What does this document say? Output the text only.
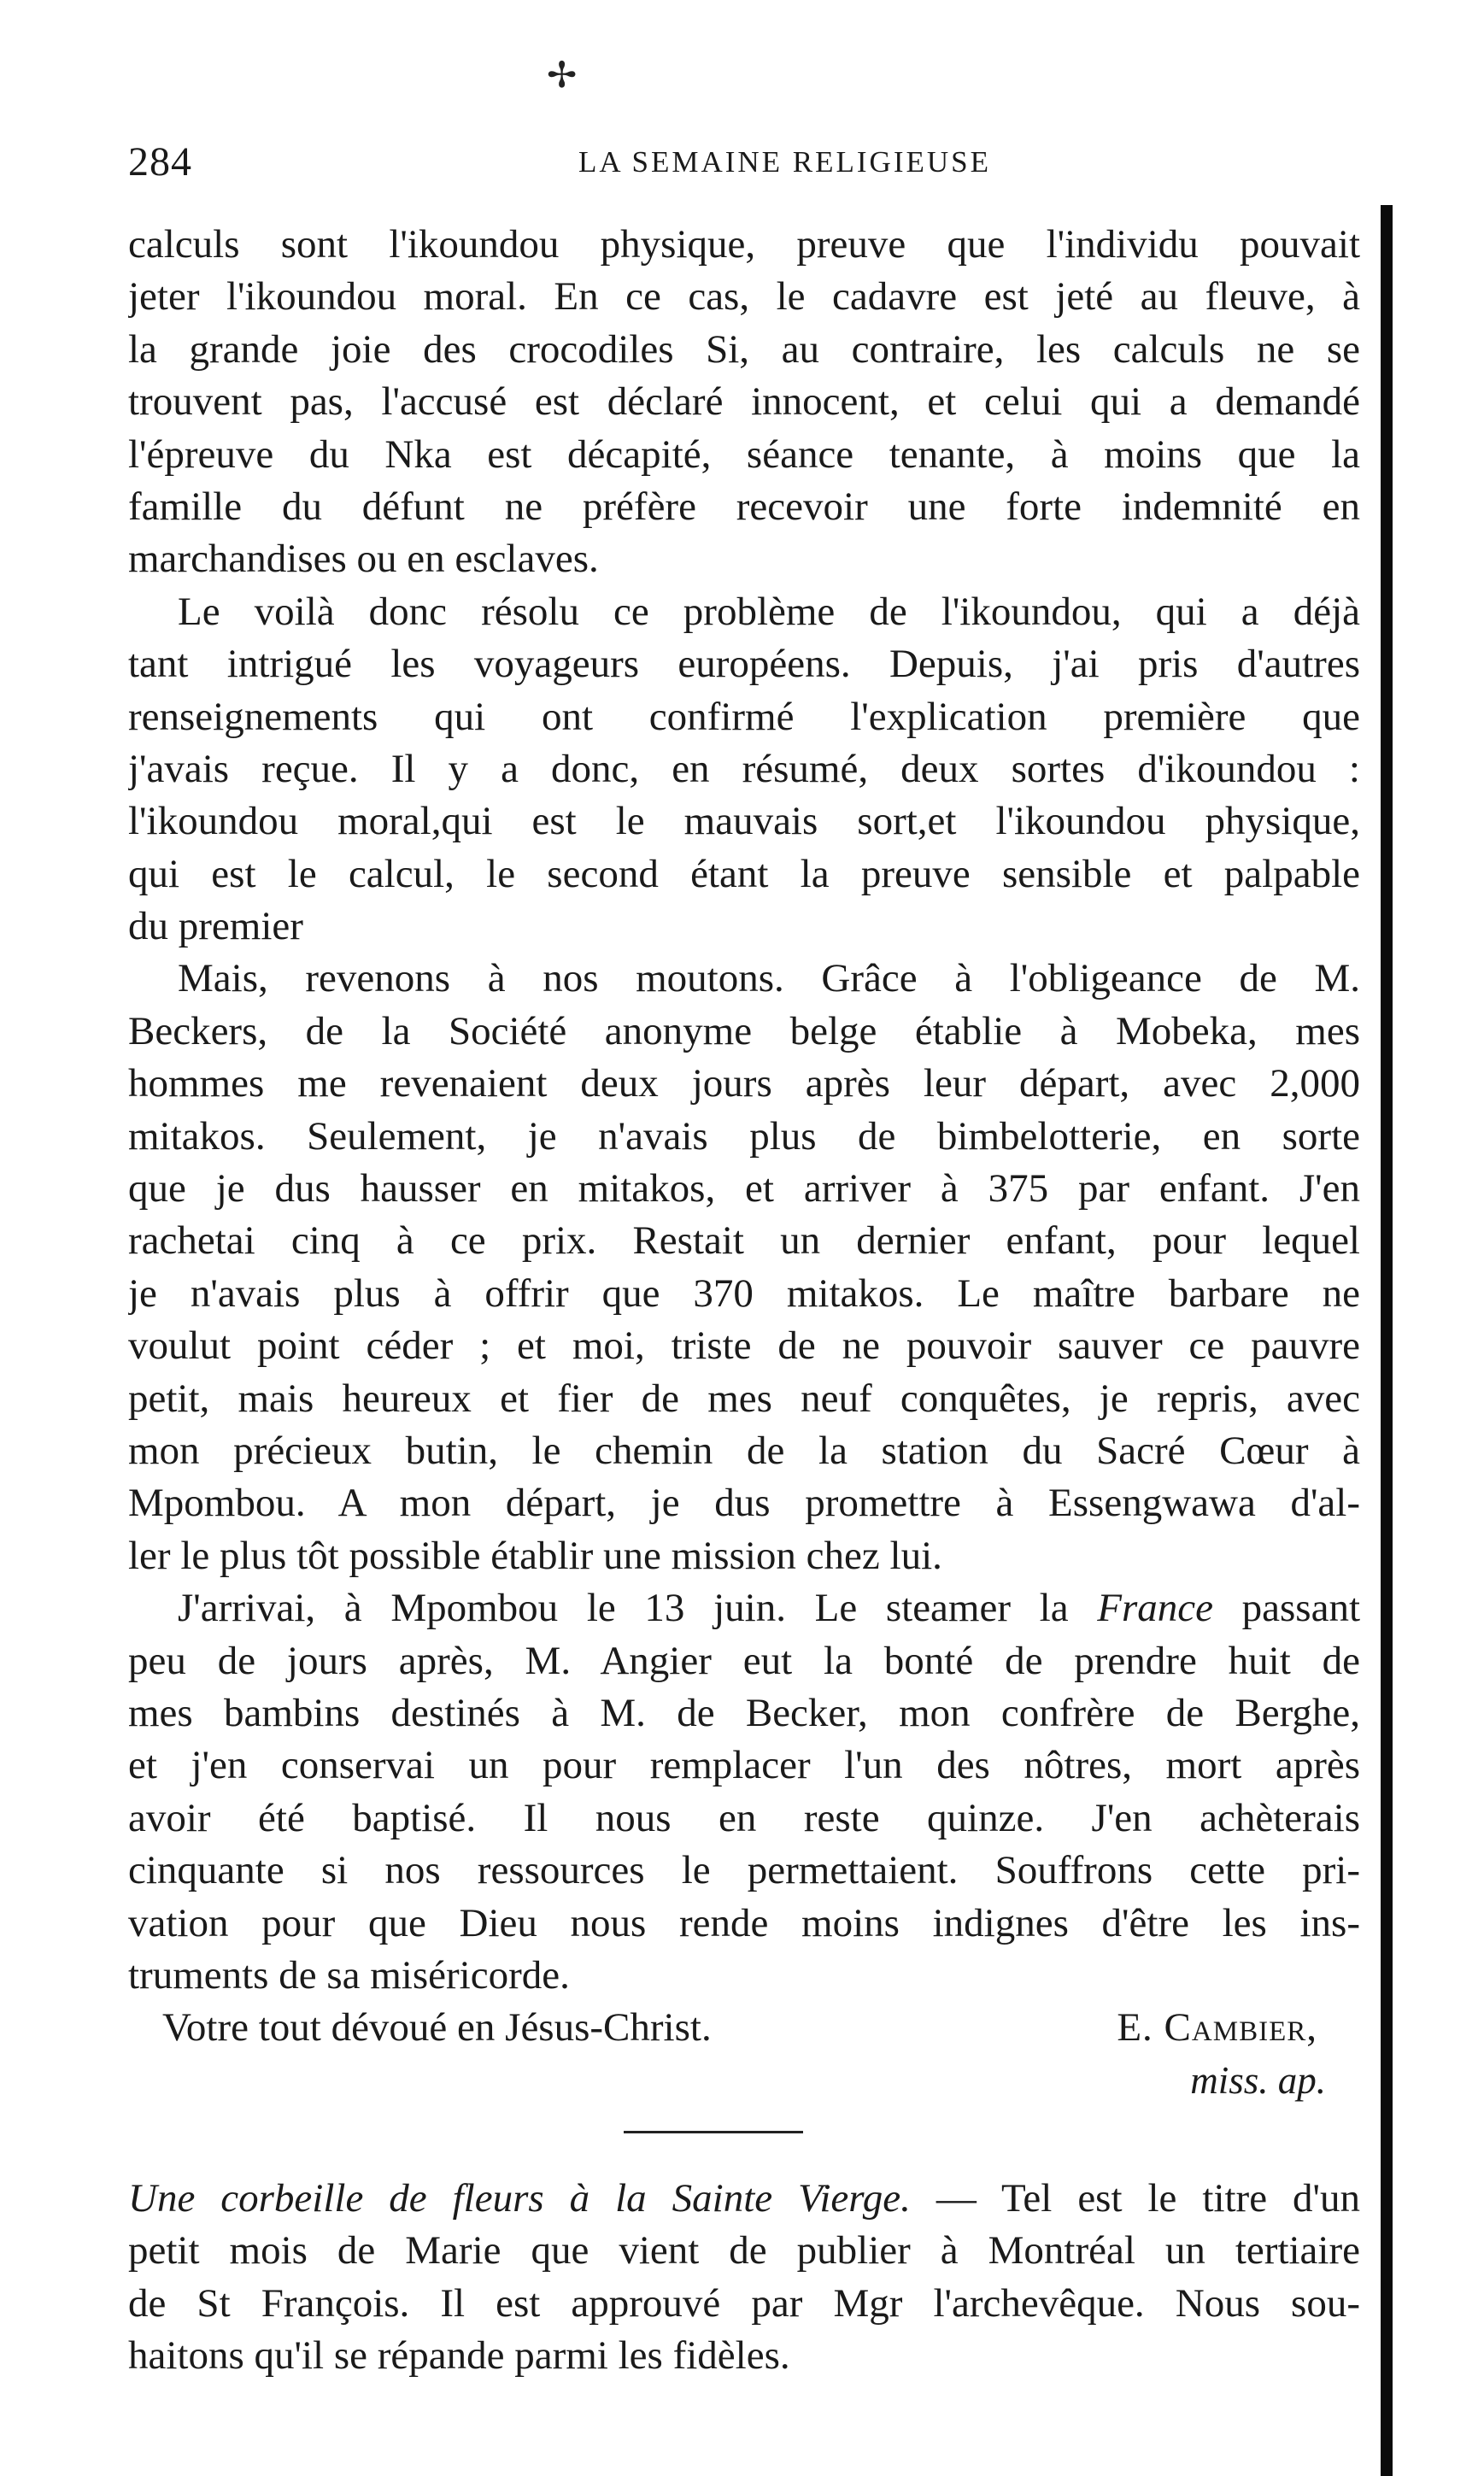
✢
284	LA SEMAINE RELIGIEUSE
calculs sont l'ikoundou physique, preuve que l'individu pouvait
jeter l'ikoundou moral. En ce cas, le cadavre est jeté au fleuve, à
la grande joie des crocodiles Si, au contraire, les calculs ne se
trouvent pas, l'accusé est déclaré innocent, et celui qui a demandé
l'épreuve du Nka est décapité, séance tenante, à moins que la
famille du défunt ne préfère recevoir une forte indemnité en
marchandises ou en esclaves.
Le voilà donc résolu ce problème de l'ikoundou, qui a déjà
tant intrigué les voyageurs européens. Depuis, j'ai pris d'autres
renseignements qui ont confirmé l'explication première que
j'avais reçue. Il y a donc, en résumé, deux sortes d'ikoundou :
l'ikoundou moral,qui est le mauvais sort,et l'ikoundou physique,
qui est le calcul, le second étant la preuve sensible et palpable
du premier
Mais, revenons à nos moutons. Grâce à l'obligeance de M.
Beckers, de la Société anonyme belge établie à Mobeka, mes
hommes me revenaient deux jours après leur départ, avec 2,000
mitakos. Seulement, je n'avais plus de bimbelotterie, en sorte
que je dus hausser en mitakos, et arriver à 375 par enfant. J'en
rachetai cinq à ce prix. Restait un dernier enfant, pour lequel
je n'avais plus à offrir que 370 mitakos. Le maître barbare ne
voulut point céder ; et moi, triste de ne pouvoir sauver ce pauvre
petit, mais heureux et fier de mes neuf conquêtes, je repris, avec
mon précieux butin, le chemin de la station du Sacré Cœur à
Mpombou. A mon départ, je dus promettre à Essengwawa d'al-
ler le plus tôt possible établir une mission chez lui.
J'arrivai, à Mpombou le 13 juin. Le steamer la France passant
peu de jours après, M. Angier eut la bonté de prendre huit de
mes bambins destinés à M. de Becker, mon confrère de Berghe,
et j'en conservai un pour remplacer l'un des nôtres, mort après
avoir été baptisé. Il nous en reste quinze. J'en achèterais
cinquante si nos ressources le permettaient. Souffrons cette pri-
vation pour que Dieu nous rende moins indignes d'être les ins-
truments de sa miséricorde.
Votre tout dévoué en Jésus-Christ.	E. Cambier,
miss. ap.
Une corbeille de fleurs à la Sainte Vierge. — Tel est le titre d'un
petit mois de Marie que vient de publier à Montréal un tertiaire
de St François. Il est approuvé par Mgr l'archevêque. Nous sou-
haitons qu'il se répande parmi les fidèles.
